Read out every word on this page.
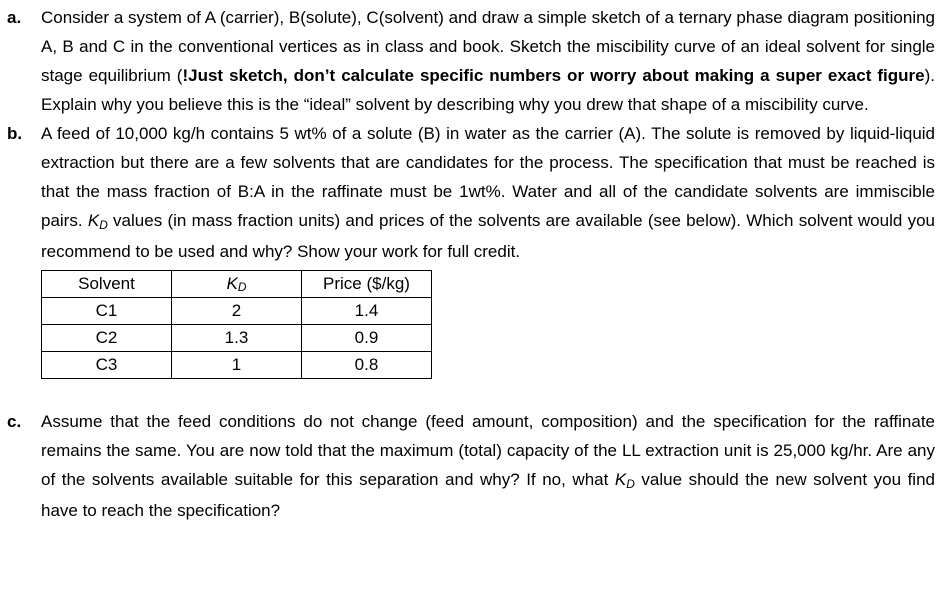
a.	Consider a system of A (carrier), B(solute), C(solvent) and draw a simple sketch of a ternary phase diagram positioning A, B and C in the conventional vertices as in class and book. Sketch the miscibility curve of an ideal solvent for single stage equilibrium (!Just sketch, don’t calculate specific numbers or worry about making a super exact figure). Explain why you believe this is the “ideal” solvent by describing why you drew that shape of a miscibility curve.
b.	A feed of 10,000 kg/h contains 5 wt% of a solute (B) in water as the carrier (A). The solute is removed by liquid-liquid extraction but there are a few solvents that are candidates for the process. The specification that must be reached is that the mass fraction of B:A in the raffinate must be 1wt%. Water and all of the candidate solvents are immiscible pairs. KD values (in mass fraction units) and prices of the solvents are available (see below). Which solvent would you recommend to be used and why? Show your work for full credit.
Solvent	KD	Price ($/kg)
C1	2	1.4
C2	1.3	0.9
C3	1	0.8
c.	Assume that the feed conditions do not change (feed amount, composition) and the specification for the raffinate remains the same. You are now told that the maximum (total) capacity of the LL extraction unit is 25,000 kg/hr. Are any of the solvents available suitable for this separation and why? If no, what KD value should the new solvent you find have to reach the specification?
